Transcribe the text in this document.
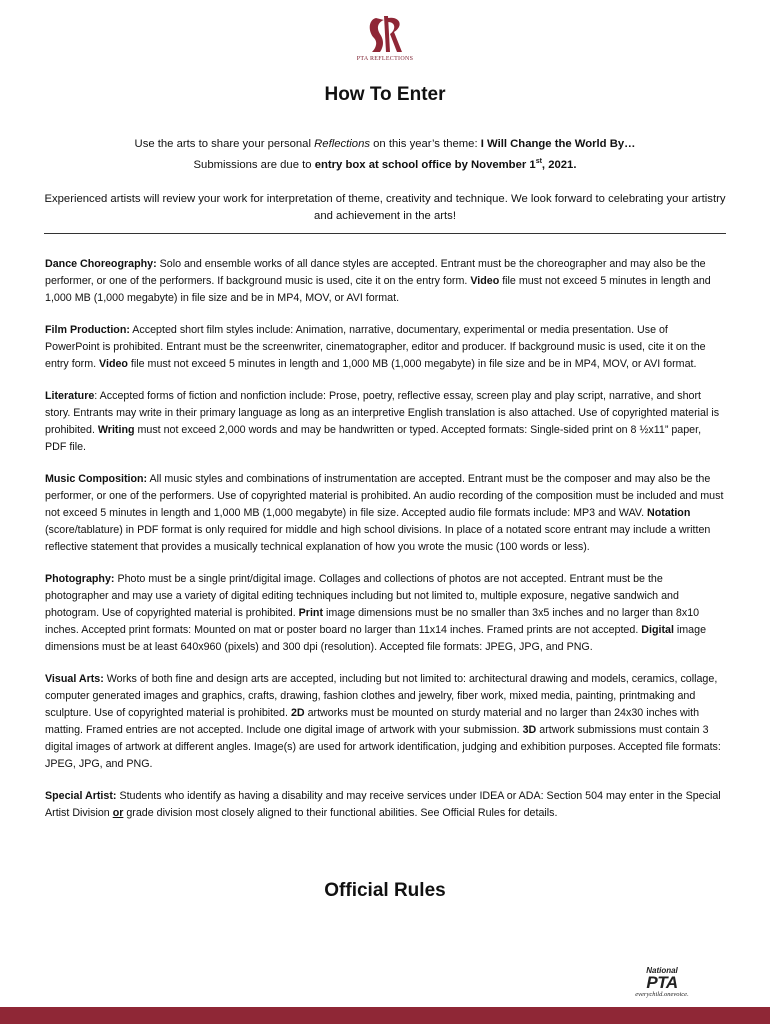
PTA REFLECTIONS
How To Enter

Use the arts to share your personal Reflections on this year’s theme: I Will Change the World By…

Submissions are due to entry box at school office by November 1st, 2021.

Experienced artists will review your work for interpretation of theme, creativity and technique. We look forward to celebrating your artistry and achievement in the arts!

Dance Choreography: Solo and ensemble works of all dance styles are accepted. Entrant must be the choreographer and may also be the performer, or one of the performers. If background music is used, cite it on the entry form. Video file must not exceed 5 minutes in length and 1,000 MB (1,000 megabyte) in file size and be in MP4, MOV, or AVI format.

Film Production: Accepted short film styles include: Animation, narrative, documentary, experimental or media presentation. Use of PowerPoint is prohibited. Entrant must be the screenwriter, cinematographer, editor and producer. If background music is used, cite it on the entry form. Video file must not exceed 5 minutes in length and 1,000 MB (1,000 megabyte) in file size and be in MP4, MOV, or AVI format.

Literature: Accepted forms of fiction and nonfiction include: Prose, poetry, reflective essay, screen play and play script, narrative, and short story. Entrants may write in their primary language as long as an interpretive English translation is also attached. Use of copyrighted material is prohibited. Writing must not exceed 2,000 words and may be handwritten or typed. Accepted formats: Single-sided print on 8 ½x11” paper, PDF file.

Music Composition: All music styles and combinations of instrumentation are accepted. Entrant must be the composer and may also be the performer, or one of the performers. Use of copyrighted material is prohibited. An audio recording of the composition must be included and must not exceed 5 minutes in length and 1,000 MB (1,000 megabyte) in file size. Accepted audio file formats include: MP3 and WAV. Notation (score/tablature) in PDF format is only required for middle and high school divisions. In place of a notated score entrant may include a written reflective statement that provides a musically technical explanation of how you wrote the music (100 words or less).

Photography: Photo must be a single print/digital image. Collages and collections of photos are not accepted. Entrant must be the photographer and may use a variety of digital editing techniques including but not limited to, multiple exposure, negative sandwich and photogram. Use of copyrighted material is prohibited. Print image dimensions must be no smaller than 3x5 inches and no larger than 8x10 inches. Accepted print formats: Mounted on mat or poster board no larger than 11x14 inches. Framed prints are not accepted. Digital image dimensions must be at least 640x960 (pixels) and 300 dpi (resolution). Accepted file formats: JPEG, JPG, and PNG.

Visual Arts: Works of both fine and design arts are accepted, including but not limited to: architectural drawing and models, ceramics, collage, computer generated images and graphics, crafts, drawing, fashion clothes and jewelry, fiber work, mixed media, painting, printmaking and sculpture. Use of copyrighted material is prohibited. 2D artworks must be mounted on sturdy material and no larger than 24x30 inches with matting. Framed entries are not accepted. Include one digital image of artwork with your submission. 3D artwork submissions must contain 3 digital images of artwork at different angles. Image(s) are used for artwork identification, judging and exhibition purposes. Accepted file formats: JPEG, JPG, and PNG.

Special Artist: Students who identify as having a disability and may receive services under IDEA or ADA: Section 504 may enter in the Special Artist Division or grade division most closely aligned to their functional abilities. See Official Rules for details.

Official Rules
National
PTA
everychild.onevoice.
